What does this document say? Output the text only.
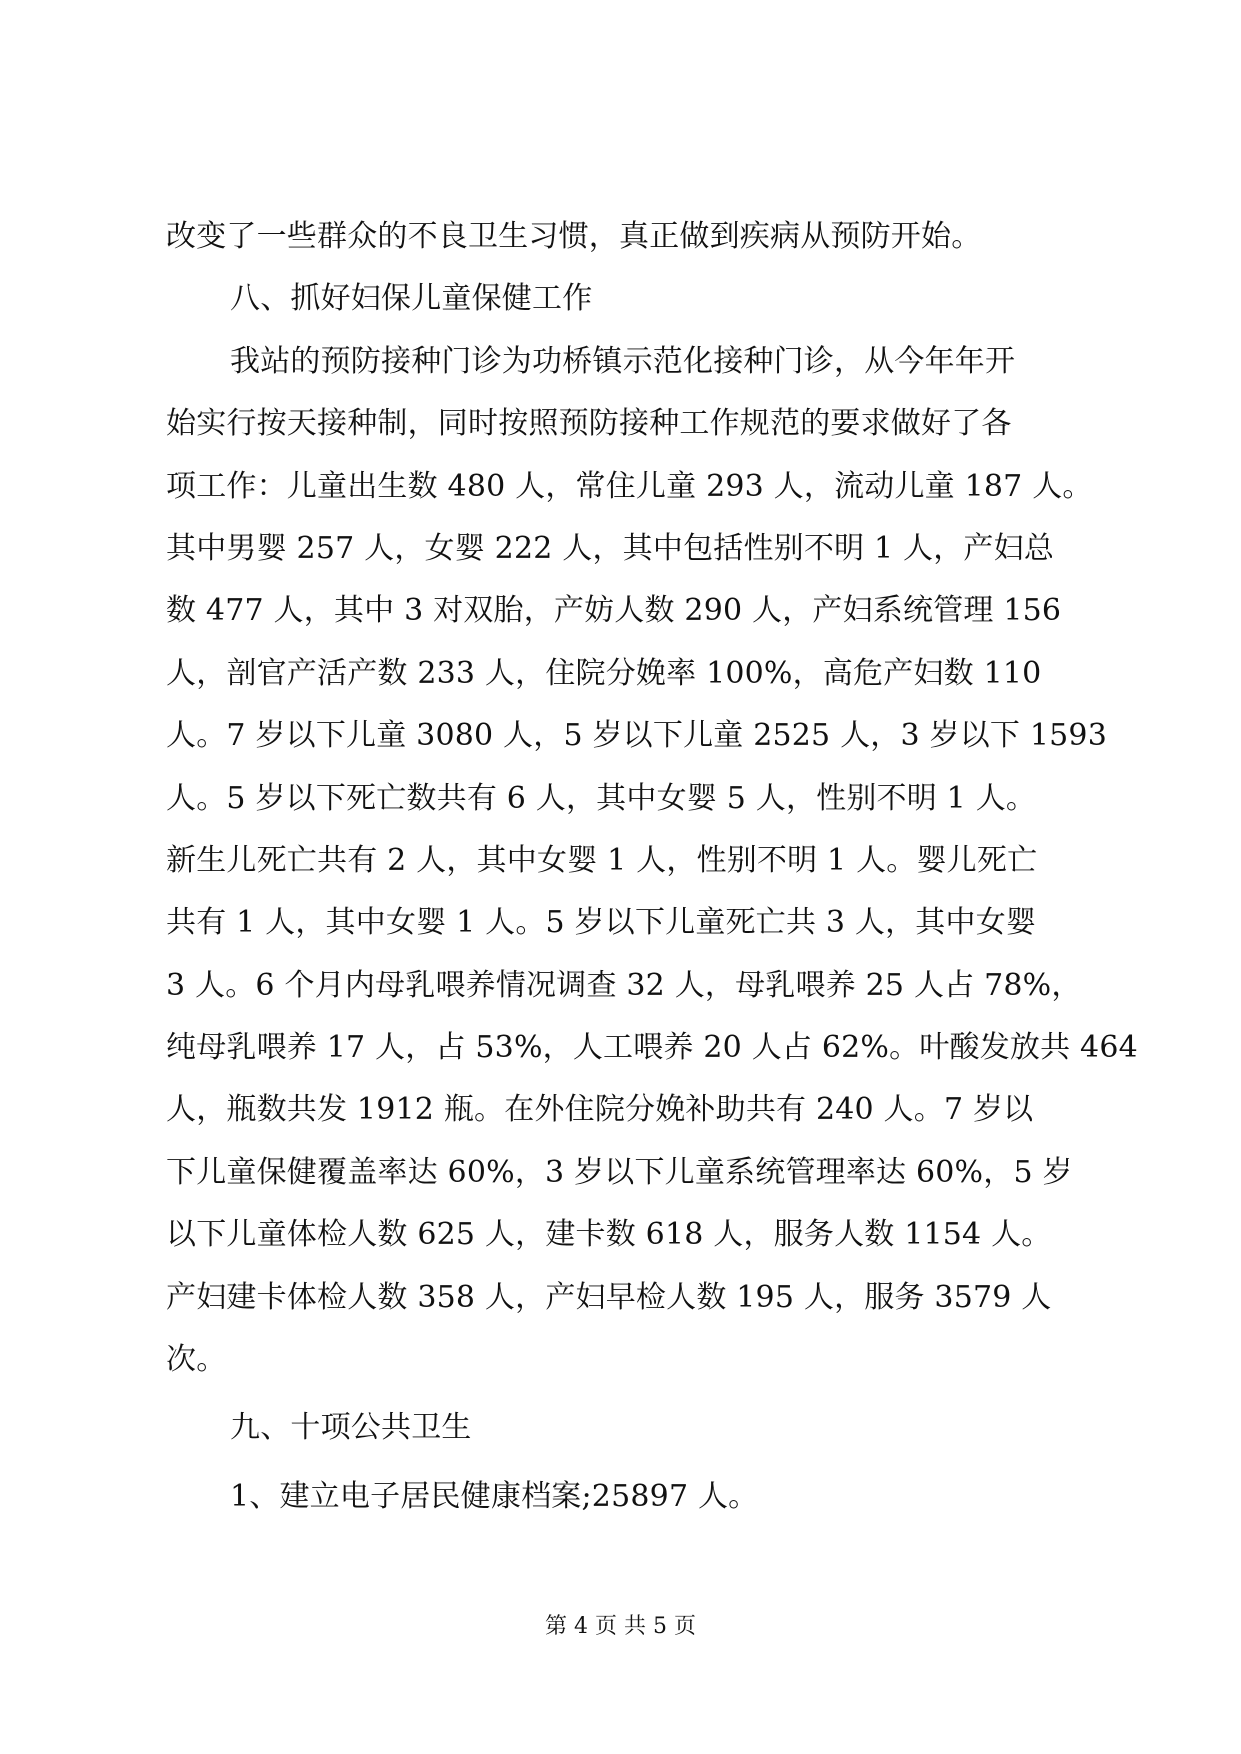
改变了一些群众的不良卫生习惯，真正做到疾病从预防开始。
八、抓好妇保儿童保健工作
我站的预防接种门诊为功桥镇示范化接种门诊，从今年年开
始实行按天接种制，同时按照预防接种工作规范的要求做好了各
项工作：儿童出生数 480 人，常住儿童 293 人，流动儿童 187 人。
其中男婴 257 人，女婴 222 人，其中包括性别不明 1 人，产妇总
数 477 人，其中 3 对双胎，产妨人数 290 人，产妇系统管理 156
人，剖官产活产数 233 人，住院分娩率 100%，高危产妇数 110
人。7 岁以下儿童 3080 人，5 岁以下儿童 2525 人，3 岁以下 1593
人。5 岁以下死亡数共有 6 人，其中女婴 5 人，性别不明 1 人。
新生儿死亡共有 2 人，其中女婴 1 人，性别不明 1 人。婴儿死亡
共有 1 人，其中女婴 1 人。5 岁以下儿童死亡共 3 人，其中女婴
3 人。6 个月内母乳喂养情况调查 32 人，母乳喂养 25 人占 78%，
纯母乳喂养 17 人，占 53%，人工喂养 20 人占 62%。叶酸发放共 464
人，瓶数共发 1912 瓶。在外住院分娩补助共有 240 人。7 岁以
下儿童保健覆盖率达 60%，3 岁以下儿童系统管理率达 60%，5 岁
以下儿童体检人数 625 人，建卡数 618 人，服务人数 1154 人。
产妇建卡体检人数 358 人，产妇早检人数 195 人，服务 3579 人
次。
九、十项公共卫生
1、建立电子居民健康档案;25897 人。
第 4 页 共 5 页
